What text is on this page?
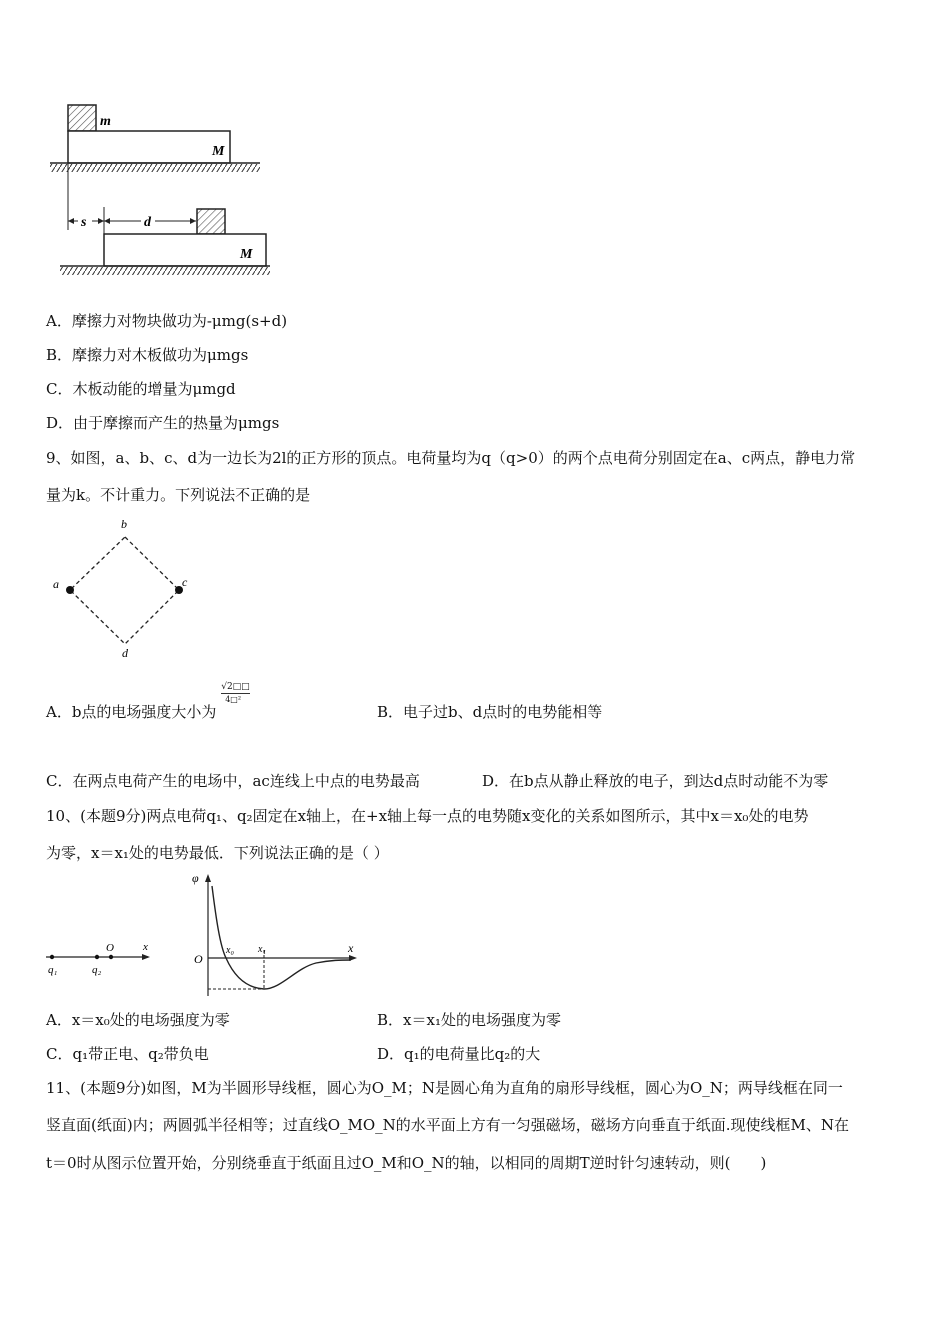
m
M
s	d
M
A．摩擦力对物块做功为-μmg(s+d)
B．摩擦力对木板做功为μmgs
C．木板动能的增量为μmgd
D．由于摩擦而产生的热量为μmgs
9、如图，a、b、c、d为一边长为2l的正方形的顶点。电荷量均为q（q>0）的两个点电荷分别固定在a、c两点，静电力常
量为k。不计重力。下列说法不正确的是
b
a	c
d
A．b点的电场强度大小为
$\frac{√2□□}{\text{4□²}}$
B．电子过b、d点时的电势能相等
C．在两点电荷产生的电场中，ac连线上中点的电势最高	D．在b点从静止释放的电子，到达d点时动能不为零
10、(本题9分)两点电荷q₁、q₂固定在x轴上，在+x轴上每一点的电势随x变化的关系如图所示，其中x＝x₀处的电势
为零，x＝x₁处的电势最低．下列说法正确的是（ ）
q₁	q₂
O	x
φ
O
x₀ x₁	x
A．x＝x₀处的电场强度为零	B．x＝x₁处的电场强度为零
C．q₁带正电、q₂带负电	D．q₁的电荷量比q₂的大
11、(本题9分)如图，M为半圆形导线框，圆心为O_M；N是圆心角为直角的扇形导线框，圆心为O_N；两导线框在同一
竖直面(纸面)内；两圆弧半径相等；过直线O_MO_N的水平面上方有一匀强磁场，磁场方向垂直于纸面.现使线框M、N在
t＝0时从图示位置开始，分别绕垂直于纸面且过O_M和O_N的轴，以相同的周期T逆时针匀速转动，则(　　)
